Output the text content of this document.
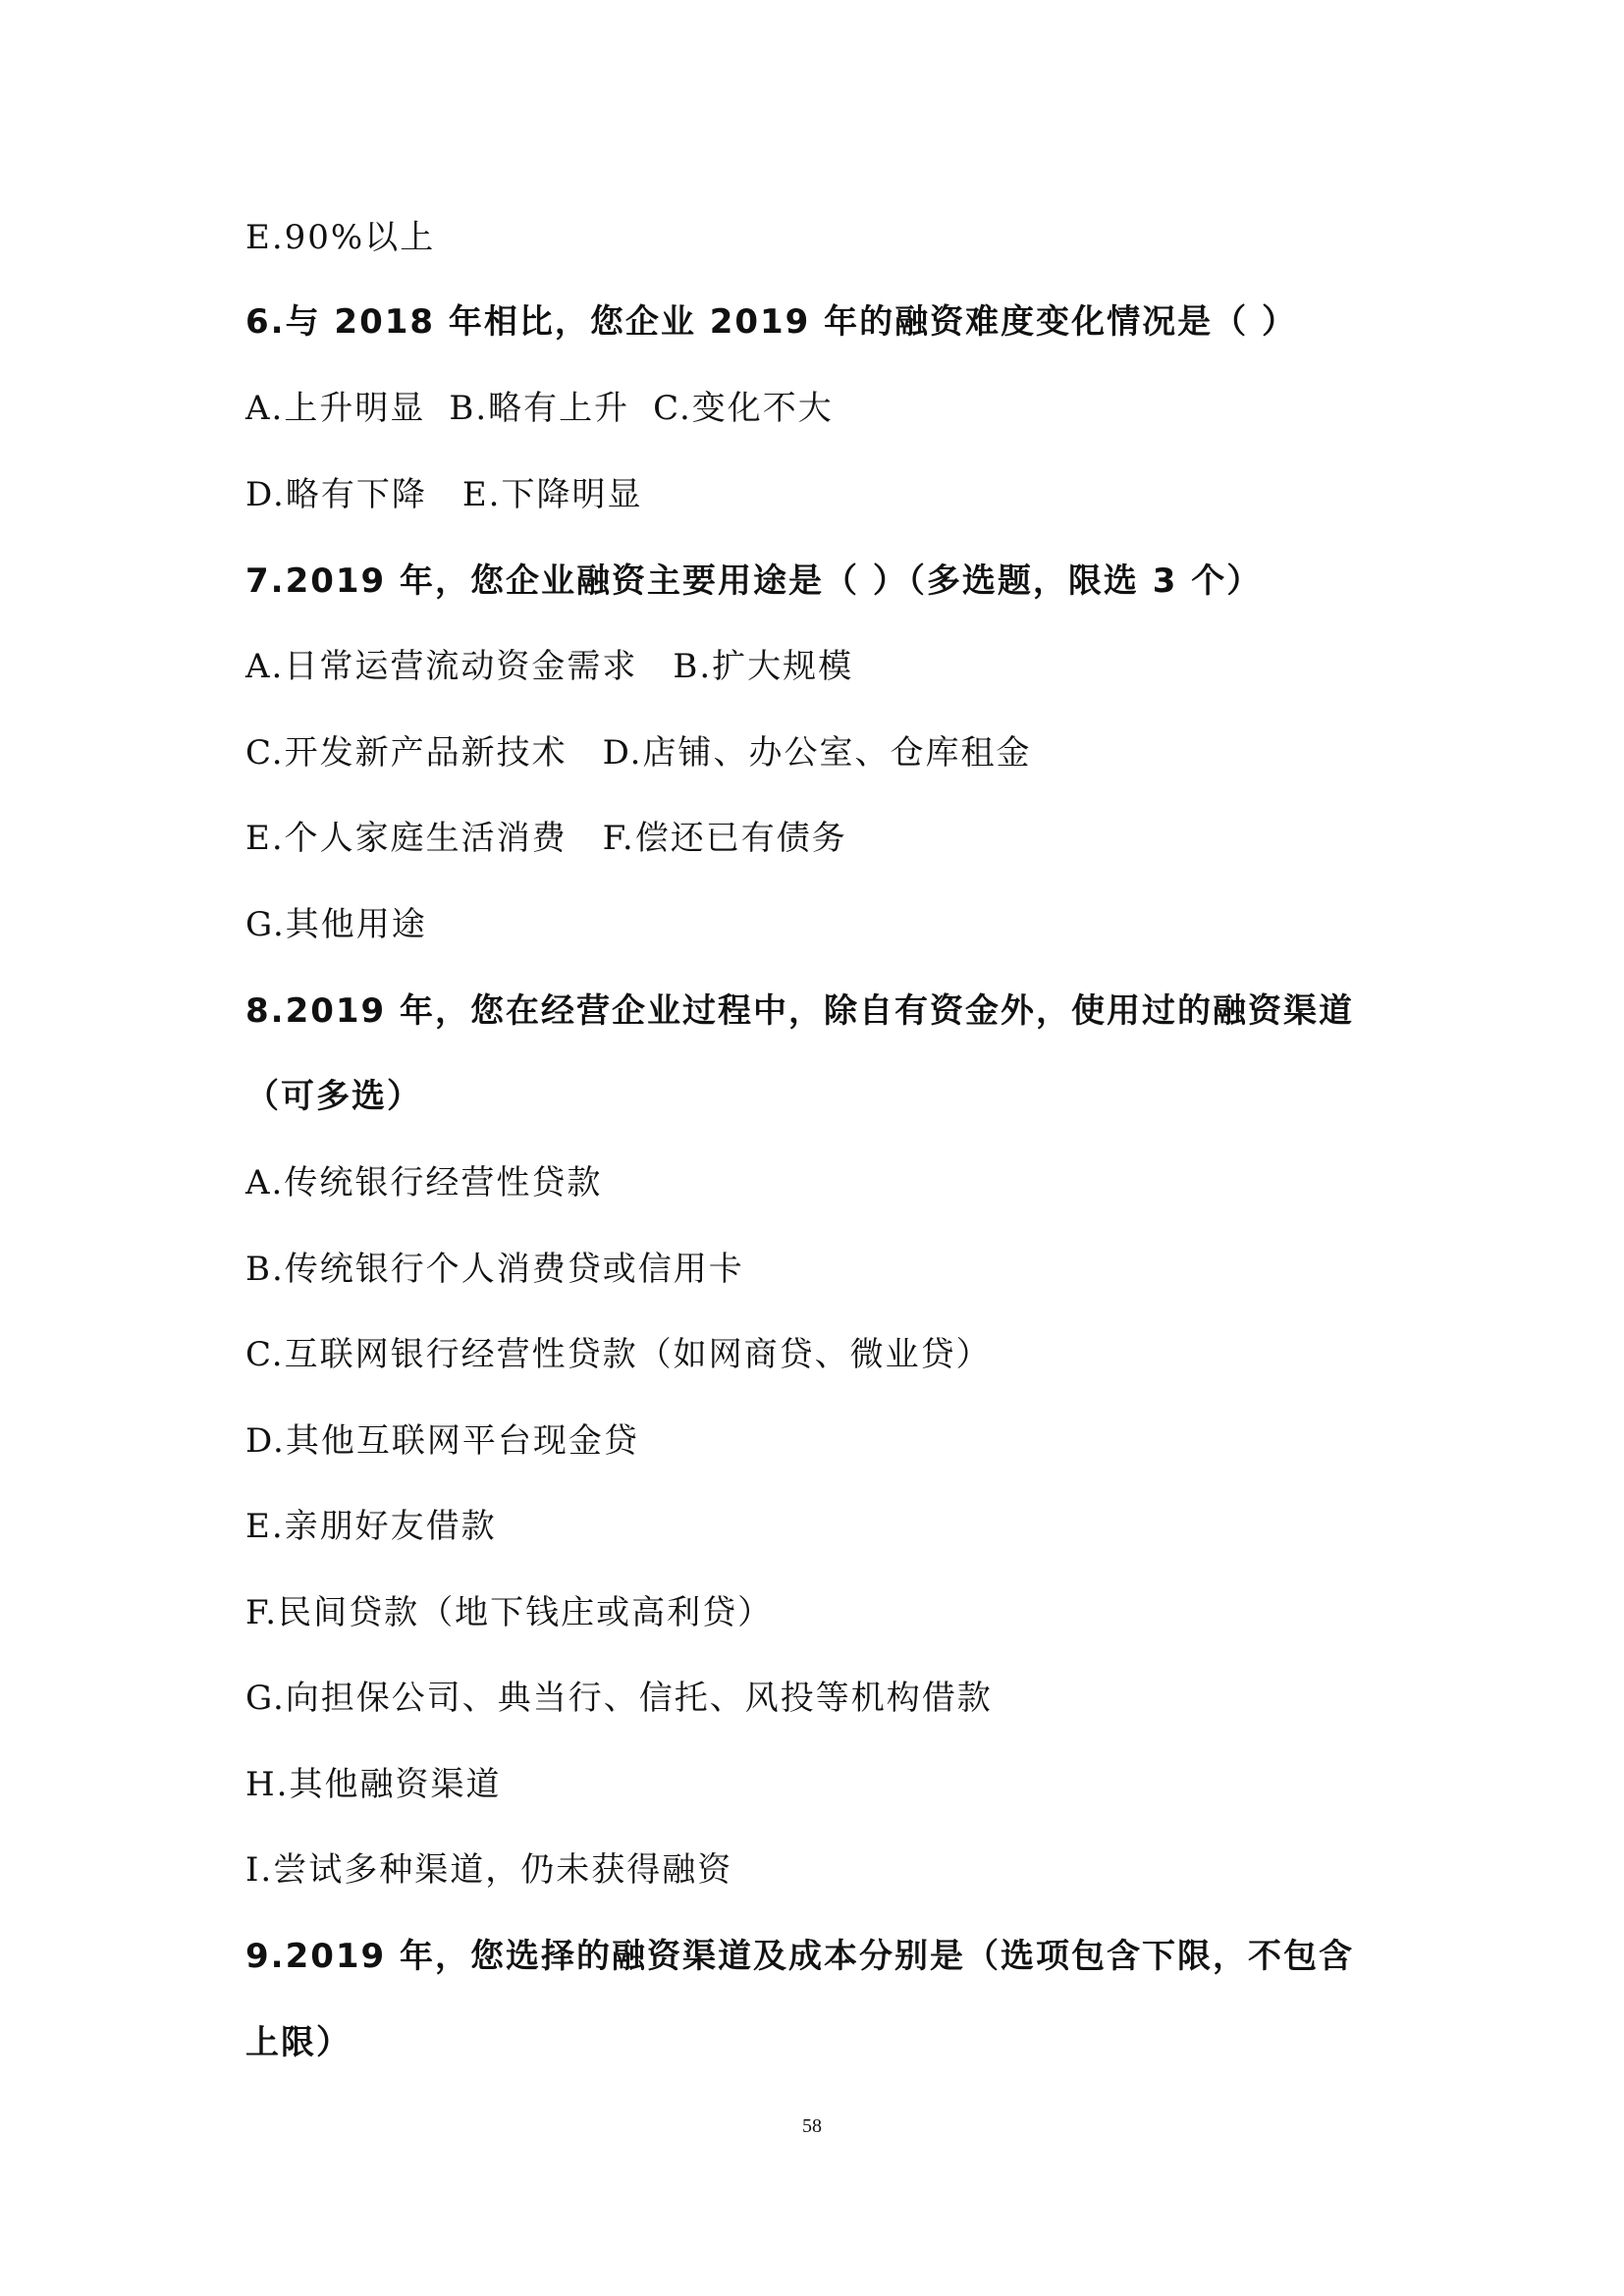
E.90%以上
6.与 2018 年相比，您企业 2019 年的融资难度变化情况是（ ）
A.上升明显 B.略有上升 C.变化不大
D.略有下降 E.下降明显
7.2019 年，您企业融资主要用途是（ ）（多选题，限选 3 个）
A.日常运营流动资金需求 B.扩大规模
C.开发新产品新技术 D.店铺、办公室、仓库租金
E.个人家庭生活消费 F.偿还已有债务
G.其他用途
8.2019 年，您在经营企业过程中，除自有资金外，使用过的融资渠道
（可多选）
A.传统银行经营性贷款
B.传统银行个人消费贷或信用卡
C.互联网银行经营性贷款（如网商贷、微业贷）
D.其他互联网平台现金贷
E.亲朋好友借款
F.民间贷款（地下钱庄或高利贷）
G.向担保公司、典当行、信托、风投等机构借款
H.其他融资渠道
I.尝试多种渠道，仍未获得融资
9.2019 年，您选择的融资渠道及成本分别是（选项包含下限，不包含
上限）
58
